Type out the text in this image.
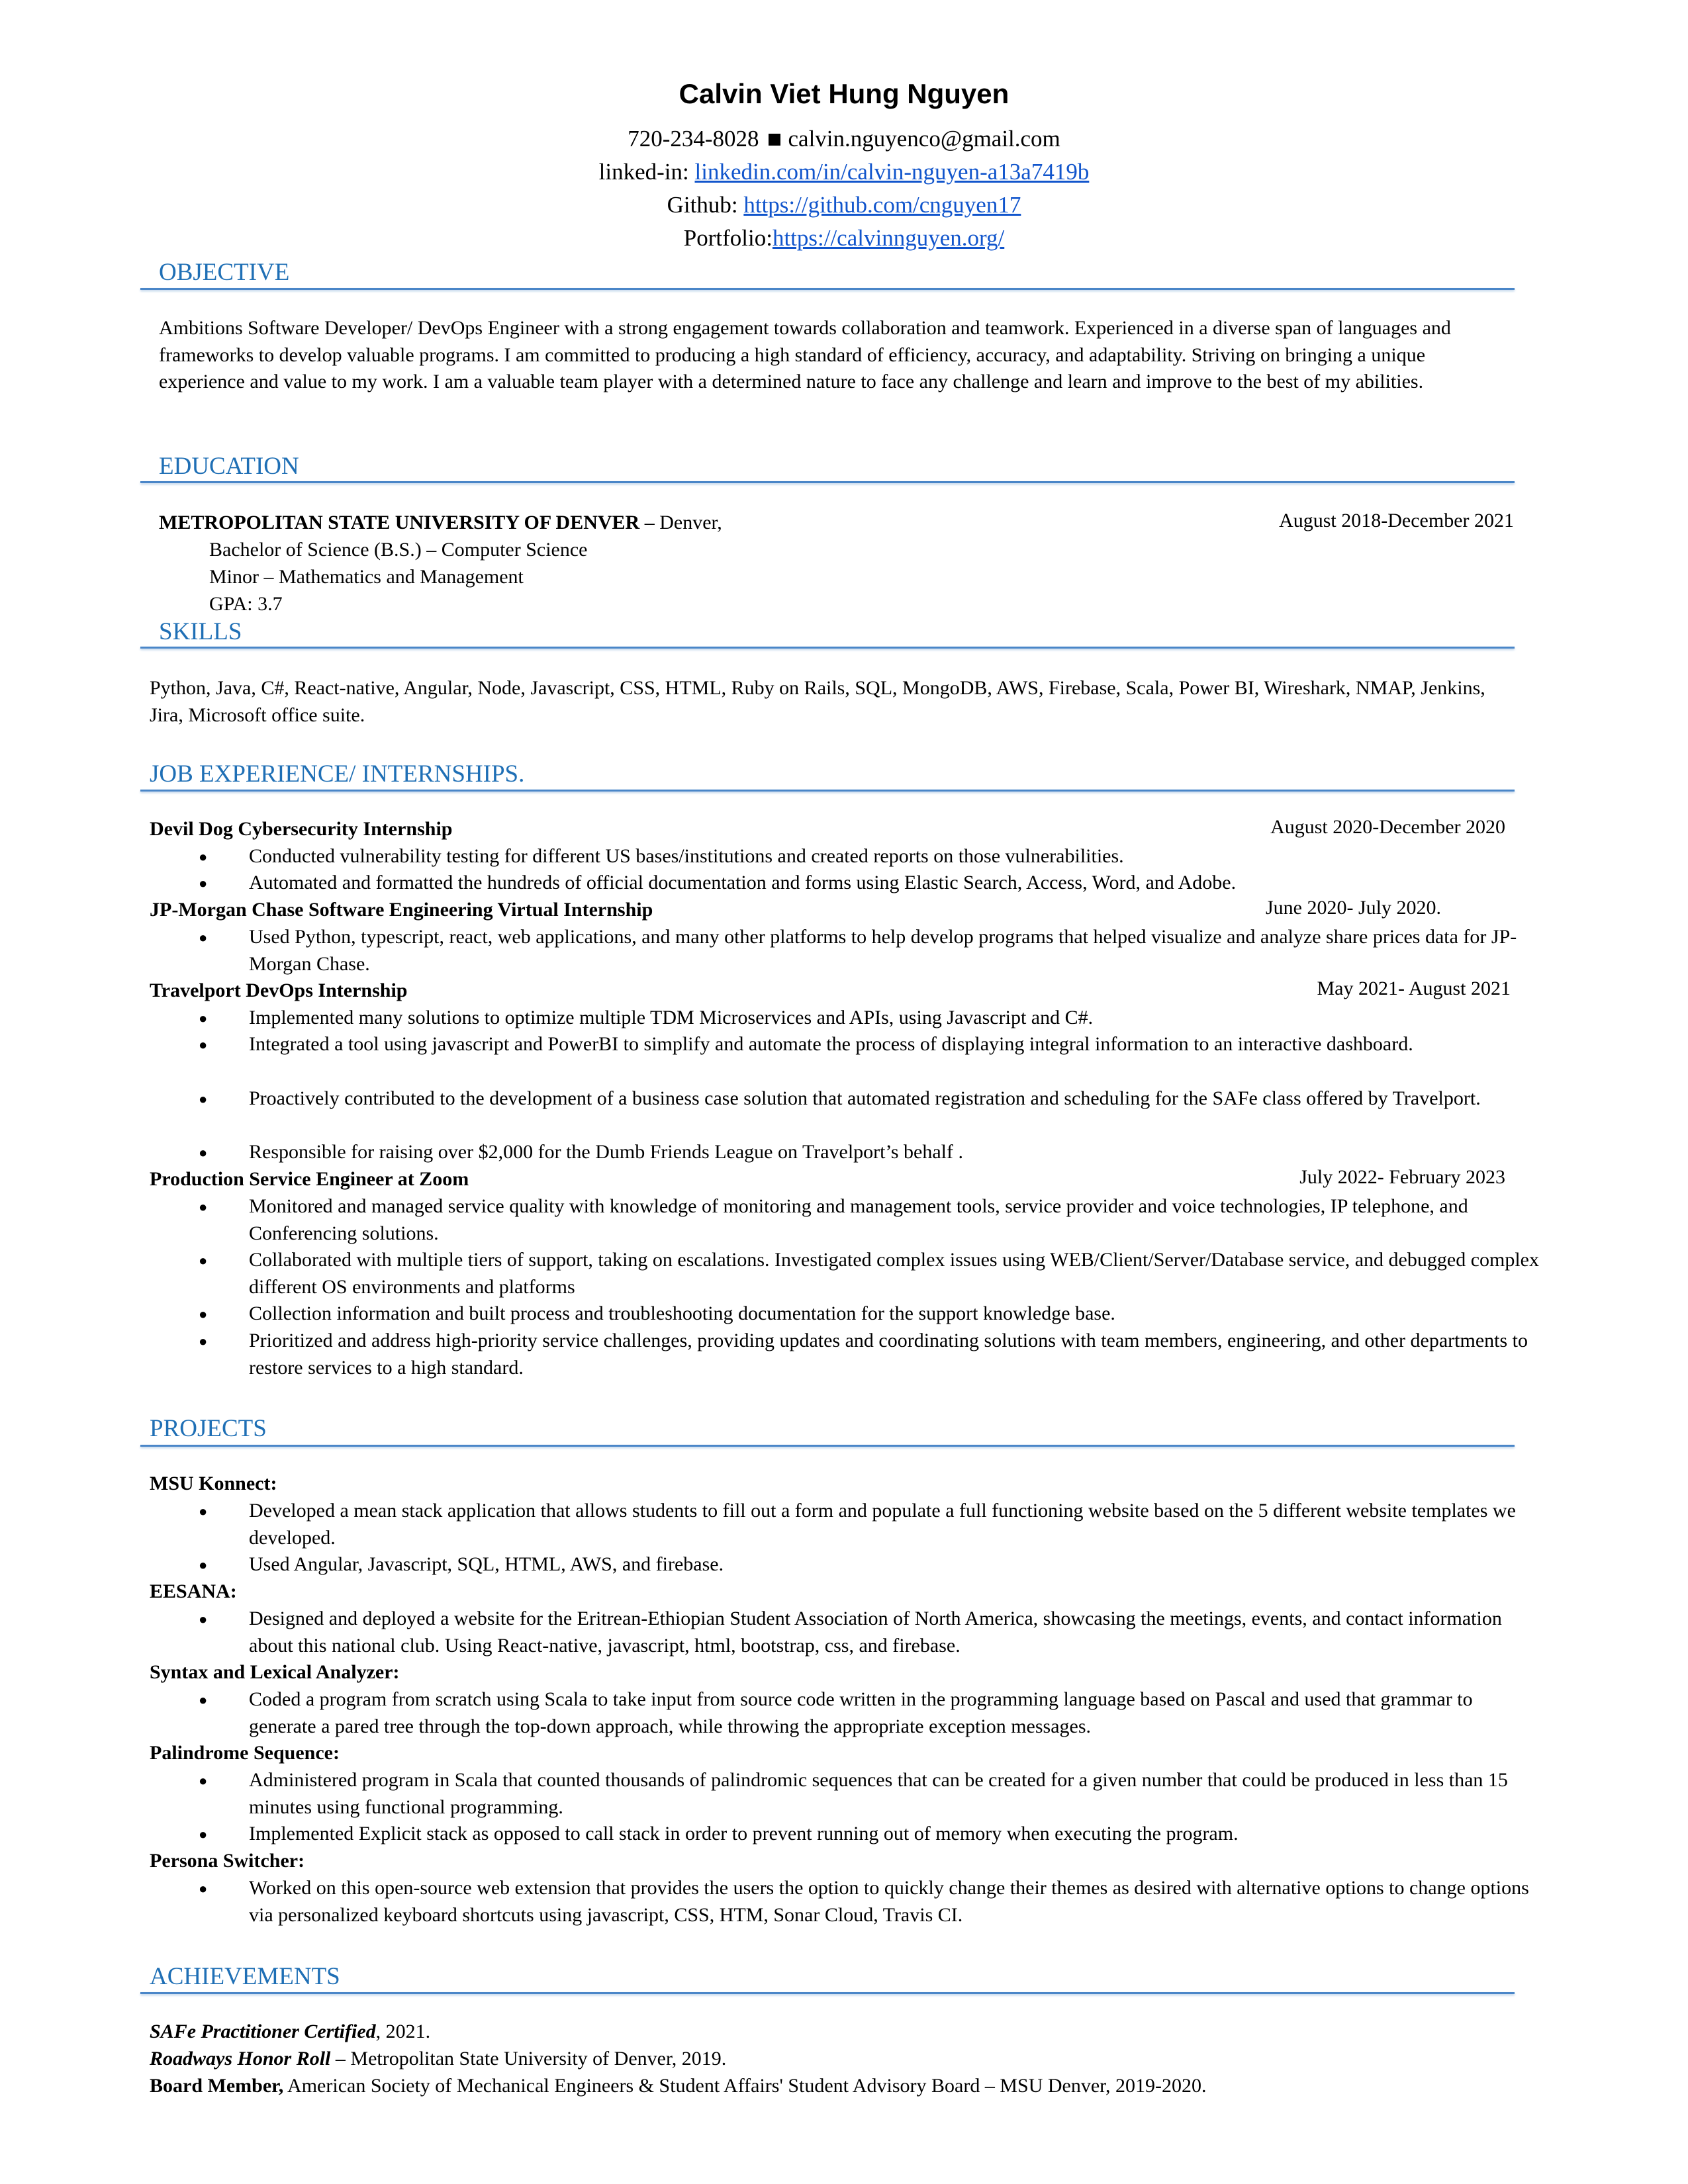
Calvin Viet Hung Nguyen
720-234-8028 calvin.nguyenco@gmail.com
linked-in: linkedin.com/in/calvin-nguyen-a13a7419b
Github: https://github.com/cnguyen17
Portfolio:https://calvinnguyen.org/
OBJECTIVE
Ambitions Software Developer/ DevOps Engineer with a strong engagement towards collaboration and teamwork. Experienced in a diverse span of languages and frameworks to develop valuable programs. I am committed to producing a high standard of efficiency, accuracy, and adaptability. Striving on bringing a unique experience and value to my work. I am a valuable team player with a determined nature to face any challenge and learn and improve to the best of my abilities.
EDUCATION
METROPOLITAN STATE UNIVERSITY OF DENVER – Denver,	August 2018-December 2021
Bachelor of Science (B.S.) – Computer Science
Minor – Mathematics and Management
GPA: 3.7
SKILLS
Python, Java, C#, React-native, Angular, Node, Javascript, CSS, HTML, Ruby on Rails, SQL, MongoDB, AWS, Firebase, Scala, Power BI, Wireshark, NMAP, Jenkins, Jira, Microsoft office suite.
JOB EXPERIENCE/ INTERNSHIPS.
Devil Dog Cybersecurity Internship	August 2020-December 2020
● Conducted vulnerability testing for different US bases/institutions and created reports on those vulnerabilities.
● Automated and formatted the hundreds of official documentation and forms using Elastic Search, Access, Word, and Adobe.
JP-Morgan Chase Software Engineering Virtual Internship	June 2020- July 2020.
● Used Python, typescript, react, web applications, and many other platforms to help develop programs that helped visualize and analyze share prices data for JP-Morgan Chase.
Travelport DevOps Internship	May 2021- August 2021
● Implemented many solutions to optimize multiple TDM Microservices and APIs, using Javascript and C#.
● Integrated a tool using javascript and PowerBI to simplify and automate the process of displaying integral information to an interactive dashboard.
● Proactively contributed to the development of a business case solution that automated registration and scheduling for the SAFe class offered by Travelport.
● Responsible for raising over $2,000 for the Dumb Friends League on Travelport’s behalf .
Production Service Engineer at Zoom	July 2022- February 2023
● Monitored and managed service quality with knowledge of monitoring and management tools, service provider and voice technologies, IP telephone, and Conferencing solutions.
● Collaborated with multiple tiers of support, taking on escalations. Investigated complex issues using WEB/Client/Server/Database service, and debugged complex different OS environments and platforms
● Collection information and built process and troubleshooting documentation for the support knowledge base.
● Prioritized and address high-priority service challenges, providing updates and coordinating solutions with team members, engineering, and other departments to restore services to a high standard.
PROJECTS
MSU Konnect:
● Developed a mean stack application that allows students to fill out a form and populate a full functioning website based on the 5 different website templates we developed.
● Used Angular, Javascript, SQL, HTML, AWS, and firebase.
EESANA:
● Designed and deployed a website for the Eritrean-Ethiopian Student Association of North America, showcasing the meetings, events, and contact information about this national club. Using React-native, javascript, html, bootstrap, css, and firebase.
Syntax and Lexical Analyzer:
● Coded a program from scratch using Scala to take input from source code written in the programming language based on Pascal and used that grammar to generate a pared tree through the top-down approach, while throwing the appropriate exception messages.
Palindrome Sequence:
● Administered program in Scala that counted thousands of palindromic sequences that can be created for a given number that could be produced in less than 15 minutes using functional programming.
● Implemented Explicit stack as opposed to call stack in order to prevent running out of memory when executing the program.
Persona Switcher:
● Worked on this open-source web extension that provides the users the option to quickly change their themes as desired with alternative options to change options via personalized keyboard shortcuts using javascript, CSS, HTM, Sonar Cloud, Travis CI.
ACHIEVEMENTS
SAFe Practitioner Certified, 2021.
Roadways Honor Roll – Metropolitan State University of Denver, 2019.
Board Member, American Society of Mechanical Engineers & Student Affairs' Student Advisory Board – MSU Denver, 2019-2020.
